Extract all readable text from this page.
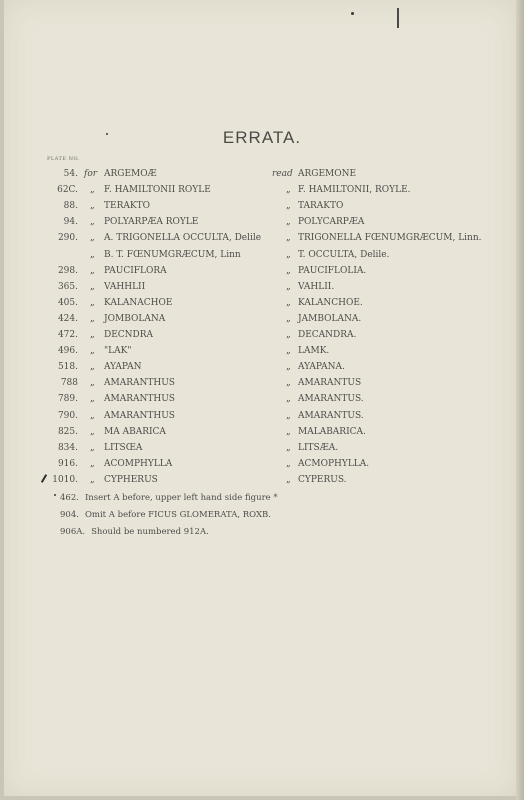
ERRATA.
PLATE NO.
54. for ARGEMOÆ	read ARGEMONE
62C. „ F. HAMILTONII ROYLE	„ F. HAMILTONII, ROYLE.
88. „ TERAKTO	„ TARAKTO
94. „ POLYARPÆA ROYLE	„ POLYCARPÆA
290. „ A. TRIGONELLA OCCULTA, Delile	„ TRIGONELLA FŒNUMGRÆCUM, Linn.
„ B. T. FŒNUMGRÆCUM, Linn	„ T. OCCULTA, Delile.
298. „ PAUCIFLORA	„ PAUCIFLOLIA.
365. „ VAHHLII	„ VAHLII.
405. „ KALANACHOE	„ KALANCHOE.
424. „ JOMBOLANA	„ JAMBOLANA.
472. „ DECNDRA	„ DECANDRA.
496. „ "LAK"	„ LAMK.
518. „ AYAPAN	„ AYAPANA.
788 „ AMARANTHUS	„ AMARANTUS
789. „ AMARANTHUS	„ AMARANTUS.
790. „ AMARANTHUS	„ AMARANTUS.
825. „ MA ABARICA	„ MALABARICA.
834. „ LITSŒA	„ LITSÆA.
916. „ ACOMPHYLLA	„ ACMOPHYLLA.
1010. „ CYPHERUS	„ CYPERUS.
462. Insert A before, upper left hand side figure *
904. Omit A before FICUS GLOMERATA, ROXB.
906A. Should be numbered 912A.
